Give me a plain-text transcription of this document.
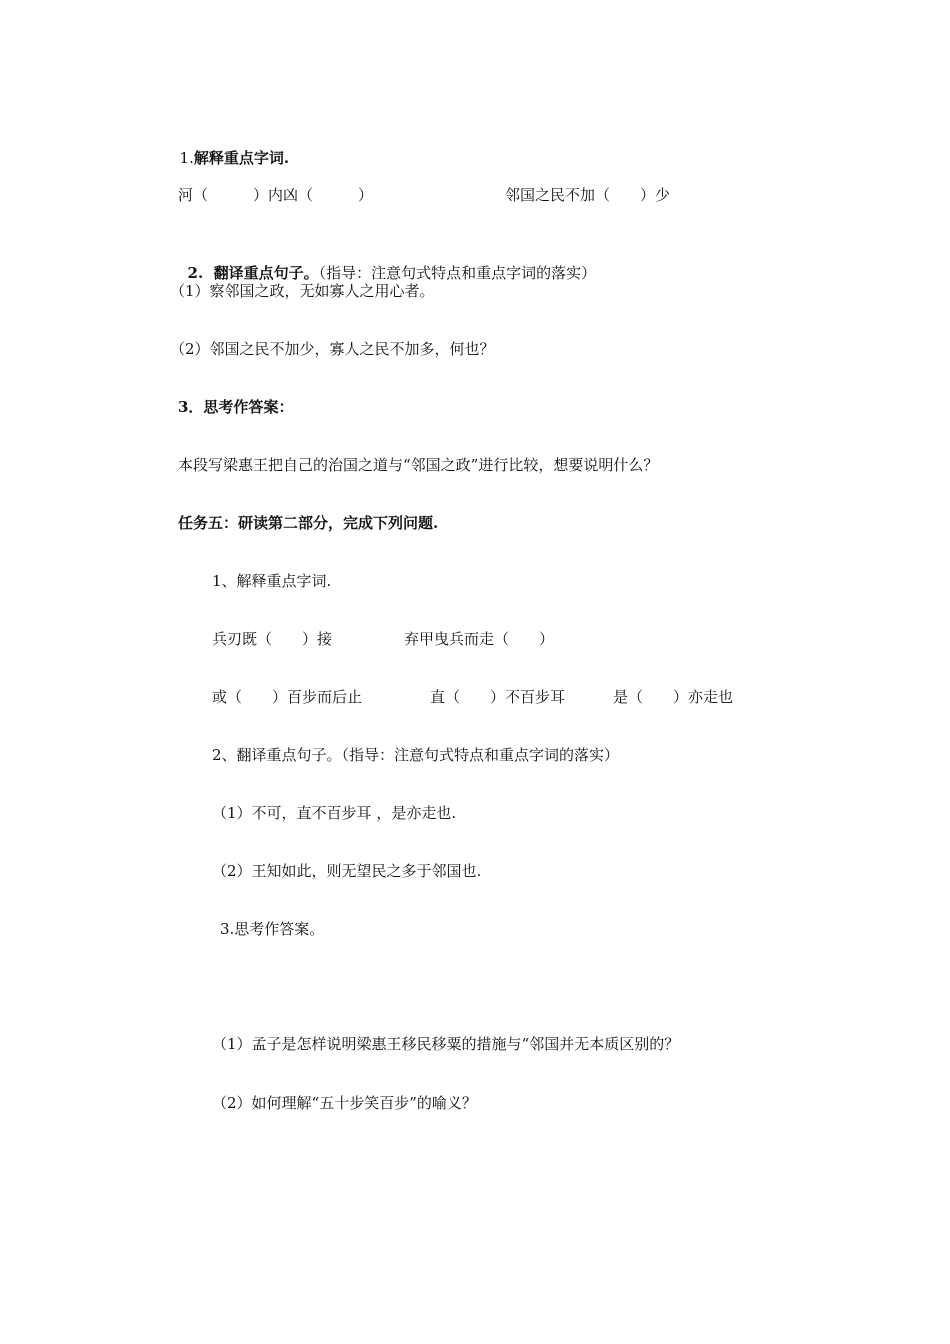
1.解释重点字词.

河（　　　）内凶（　　　）	邻国之民不加（　　）少

2.  翻译重点句子。（指导：注意句式特点和重点字词的落实）

（1）察邻国之政，无如寡人之用心者。
（2）邻国之民不加少，寡人之民不加多，何也？
3．思考作答案：
本段写梁惠王把自己的治国之道与“邻国之政”进行比较，想要说明什么？
任务五：研读第二部分，完成下列问题.
1、解释重点字词.
兵刃既（　　）接	弃甲曳兵而走（　　）
或（　　）百步而后止	直（　　）不百步耳	是（　　）亦走也
2、翻译重点句子。（指导：注意句式特点和重点字词的落实）
（1）不可，直不百步耳 ，是亦走也.
（2）王知如此，则无望民之多于邻国也.
3.思考作答案。
（1）孟子是怎样说明梁惠王移民移粟的措施与“邻国并无本质区别的？
（2）如何理解“五十步笑百步”的喻义？
